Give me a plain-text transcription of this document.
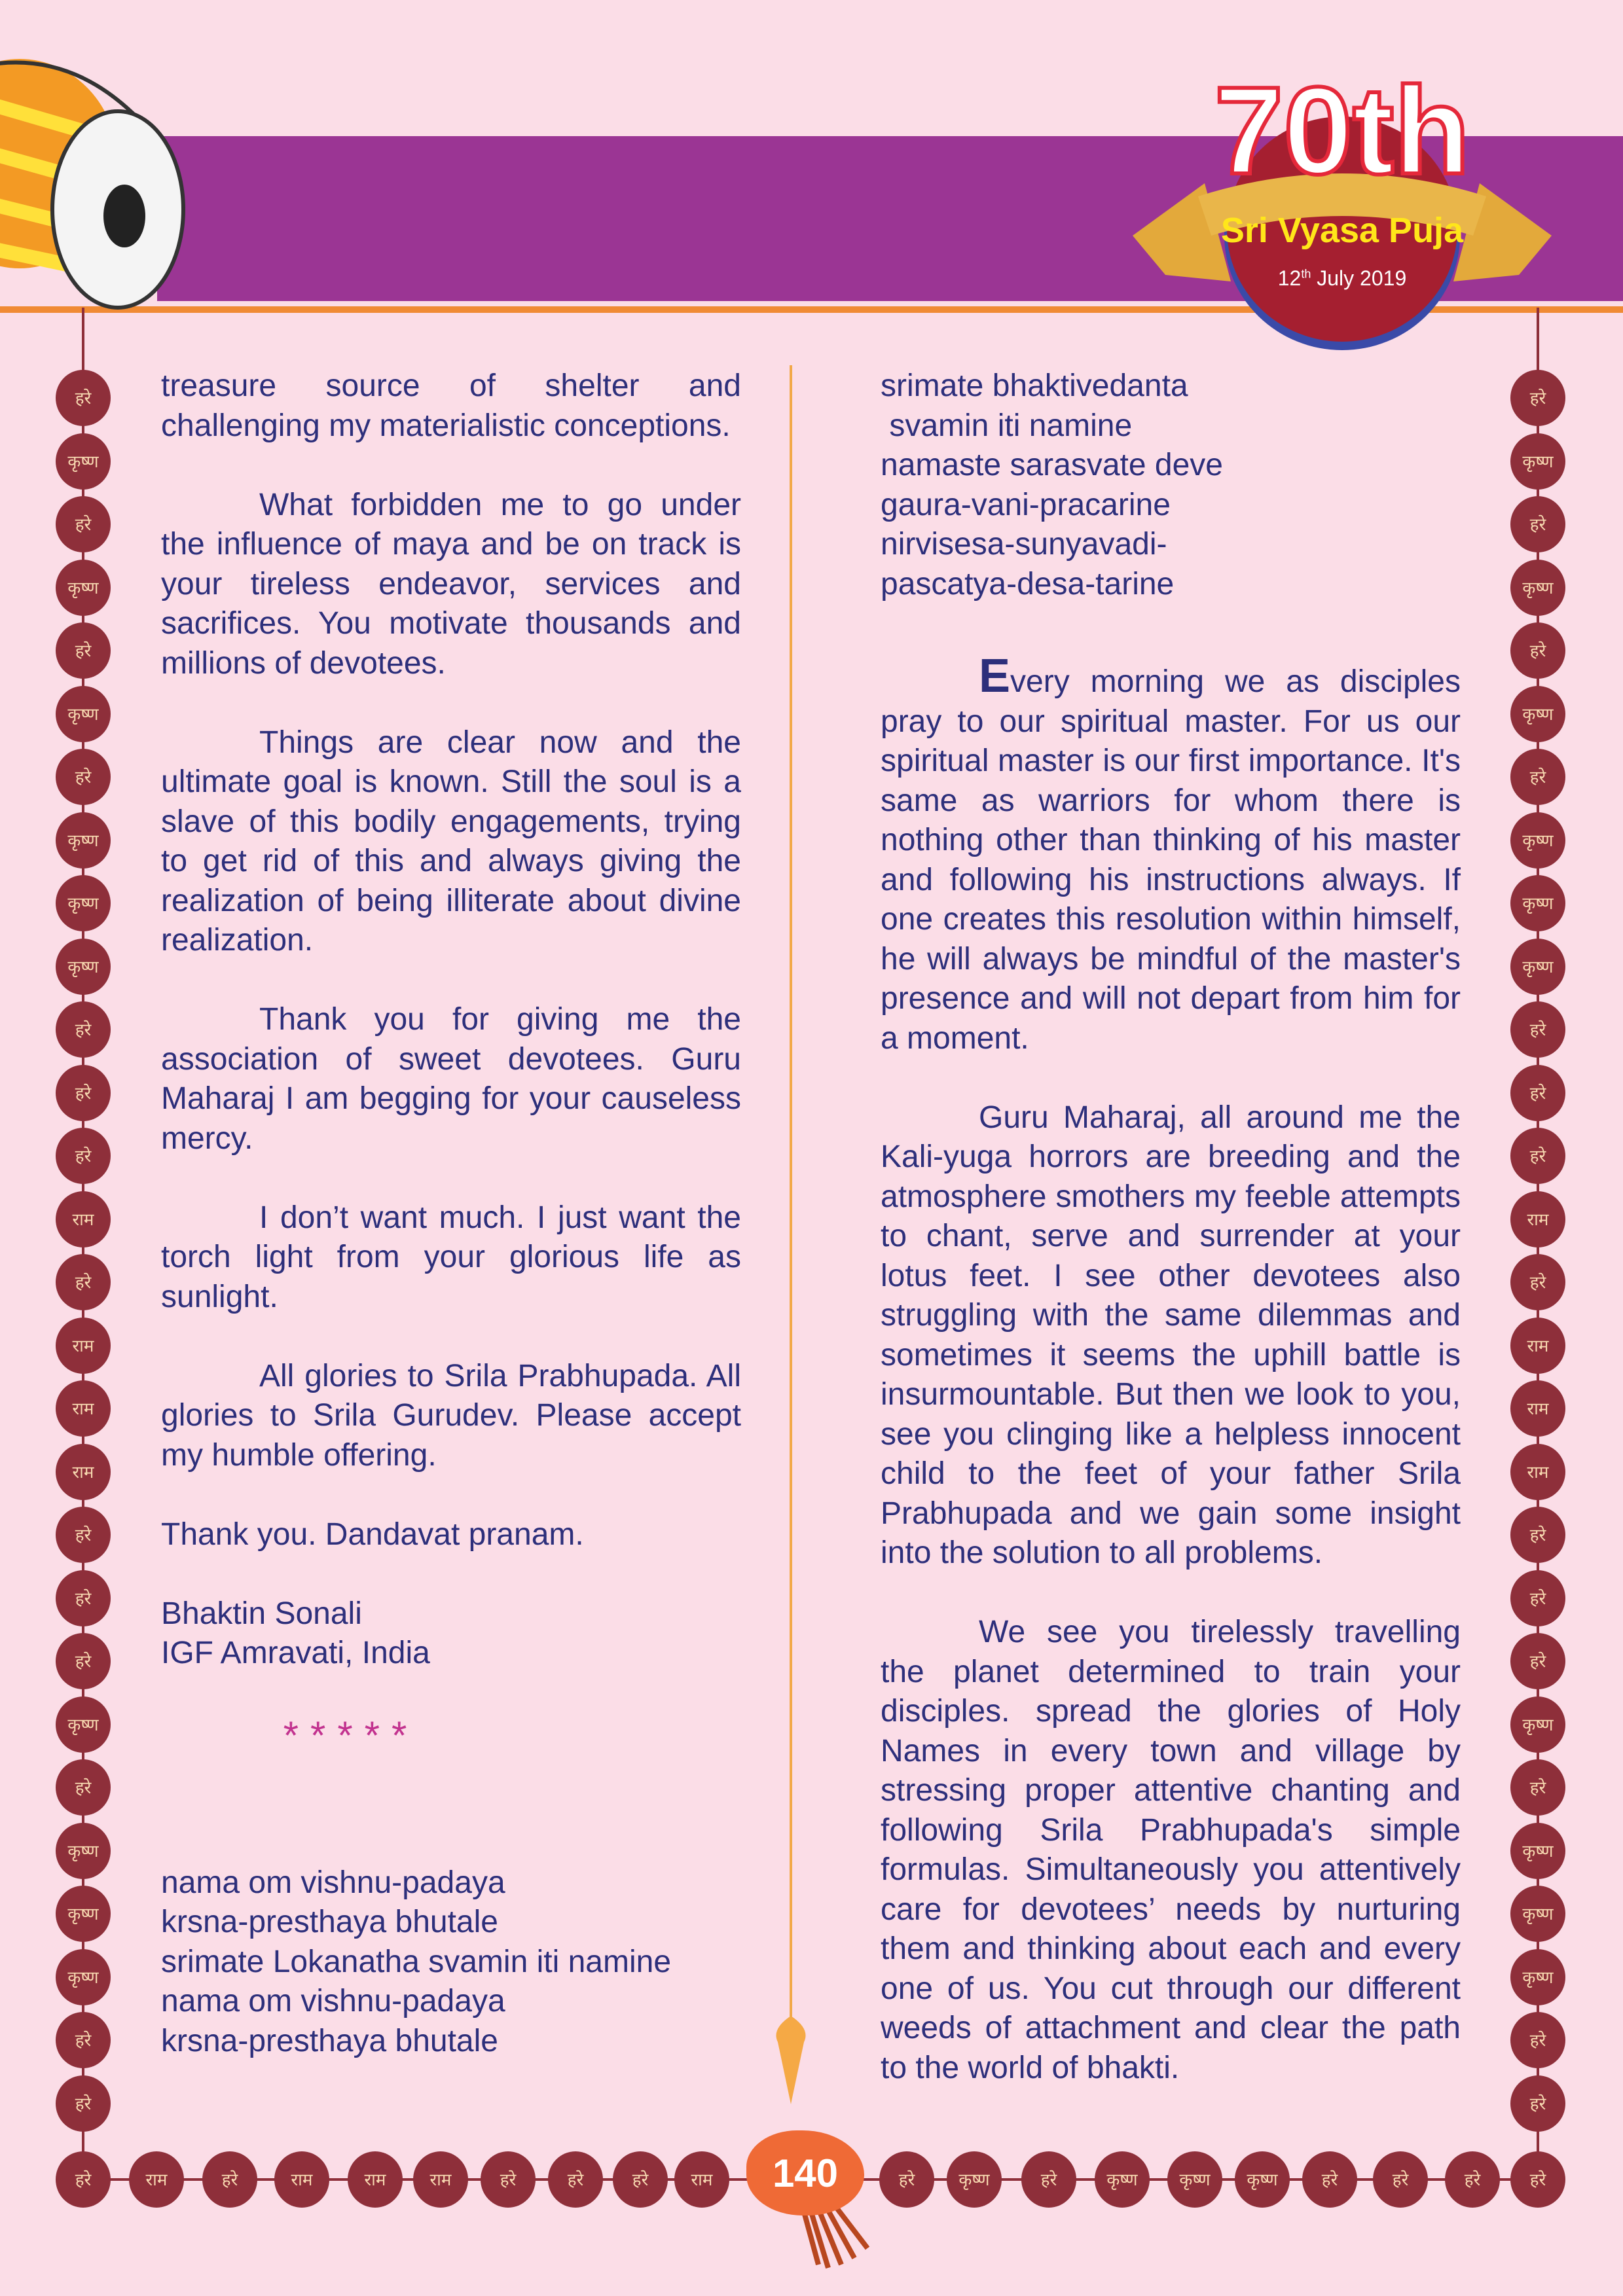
70th
Sri Vyasa Puja
12th July 2019

treasure source of shelter and challenging my materialistic conceptions.

What forbidden me to go under the influence of maya and be on track is your tireless endeavor, services and sacrifices. You motivate thousands and millions of devotees.

Things are clear now and the ultimate goal is known. Still the soul is a slave of this bodily engagements, trying to get rid of this and always giving the realization of being illiterate about divine realization.

Thank you for giving me the association of sweet devotees. Guru Maharaj I am begging for your causeless mercy.

I don’t want much. I just want the torch light from your glorious life as sunlight.

All glories to Srila Prabhupada. All glories to Srila Gurudev. Please accept my humble offering.

Thank you. Dandavat pranam.

Bhaktin Sonali
IGF Amravati, India
*****
nama om vishnu-padaya
krsna-presthaya bhutale
srimate Lokanatha svamin iti namine
nama om vishnu-padaya
krsna-presthaya bhutale
srimate bhaktivedanta
svamin iti namine
namaste sarasvate deve
gaura-vani-pracarine
nirvisesa-sunyavadi-
pascatya-desa-tarine

Every morning we as disciples pray to our spiritual master. For us our spiritual master is our first importance. It's same as warriors for whom there is nothing other than thinking of his master and following his instructions always. If one creates this resolution within himself, he will always be mindful of the master's presence and will not depart from him for a moment.

Guru Maharaj, all around me the Kali-yuga horrors are breeding and the atmosphere smothers my feeble attempts to chant, serve and surrender at your lotus feet. I see other devotees also struggling with the same dilemmas and sometimes it seems the uphill battle is insurmountable. But then we look to you, see you clinging like a helpless innocent child to the feet of your father Srila Prabhupada and we gain some insight into the solution to all problems.

We see you tirelessly travelling the planet determined to train your disciples. spread the glories of Holy Names in every town and village by stressing proper attentive chanting and following Srila Prabhupada's simple formulas. Simultaneously you attentively care for devotees’ needs by nurturing them and thinking about each and every one of us. You cut through our different weeds of attachment and clear the path to the world of bhakti.

हरे	हरे
कृष्ण	कृष्ण
हरे	हरे
कृष्ण	कृष्ण
हरे	हरे
कृष्ण	कृष्ण
हरे	हरे
कृष्ण	कृष्ण
कृष्ण	कृष्ण
कृष्ण	कृष्ण
हरे	हरे
हरे	हरे
हरे	हरे
राम	राम
हरे	हरे
राम	राम
राम	राम
राम	राम
हरे	हरे
हरे	हरे
हरे	हरे
कृष्ण	कृष्ण
हरे	हरे
कृष्ण	कृष्ण
कृष्ण	कृष्ण
कृष्ण	कृष्ण
हरे	हरे
हरे	हरे
हरे	राम	हरे	राम	राम	राम	हरे	हरे	हरे	राम	हरे	कृष्ण	हरे	कृष्ण	कृष्ण	कृष्ण	हरे	हरे	हरे	हरे
140
